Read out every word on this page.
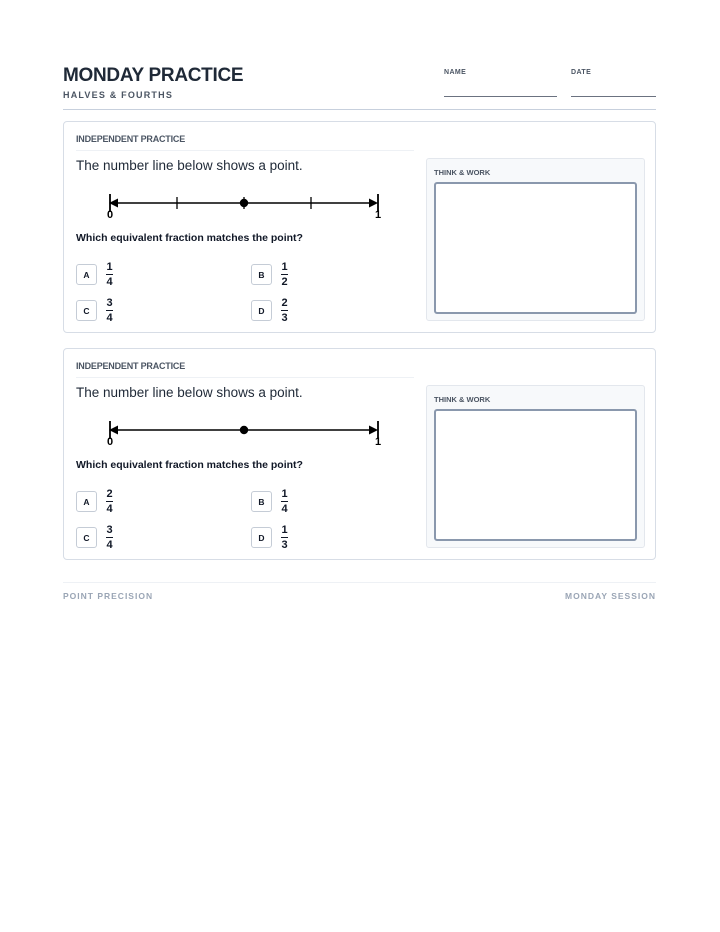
MONDAY PRACTICE
HALVES & FOURTHS
NAME	DATE
INDEPENDENT PRACTICE
The number line below shows a point.
0	1
Which equivalent fraction matches the point?
A	$\frac{1}{4}$	B	$\frac{1}{2}$
C	$\frac{3}{4}$	D	$\frac{2}{3}$
THINK & WORK
INDEPENDENT PRACTICE
The number line below shows a point.
0	1
Which equivalent fraction matches the point?
A	$\frac{2}{4}$	B	$\frac{1}{4}$
C	$\frac{3}{4}$	D	$\frac{1}{3}$
THINK & WORK
POINT PRECISION	MONDAY SESSION
